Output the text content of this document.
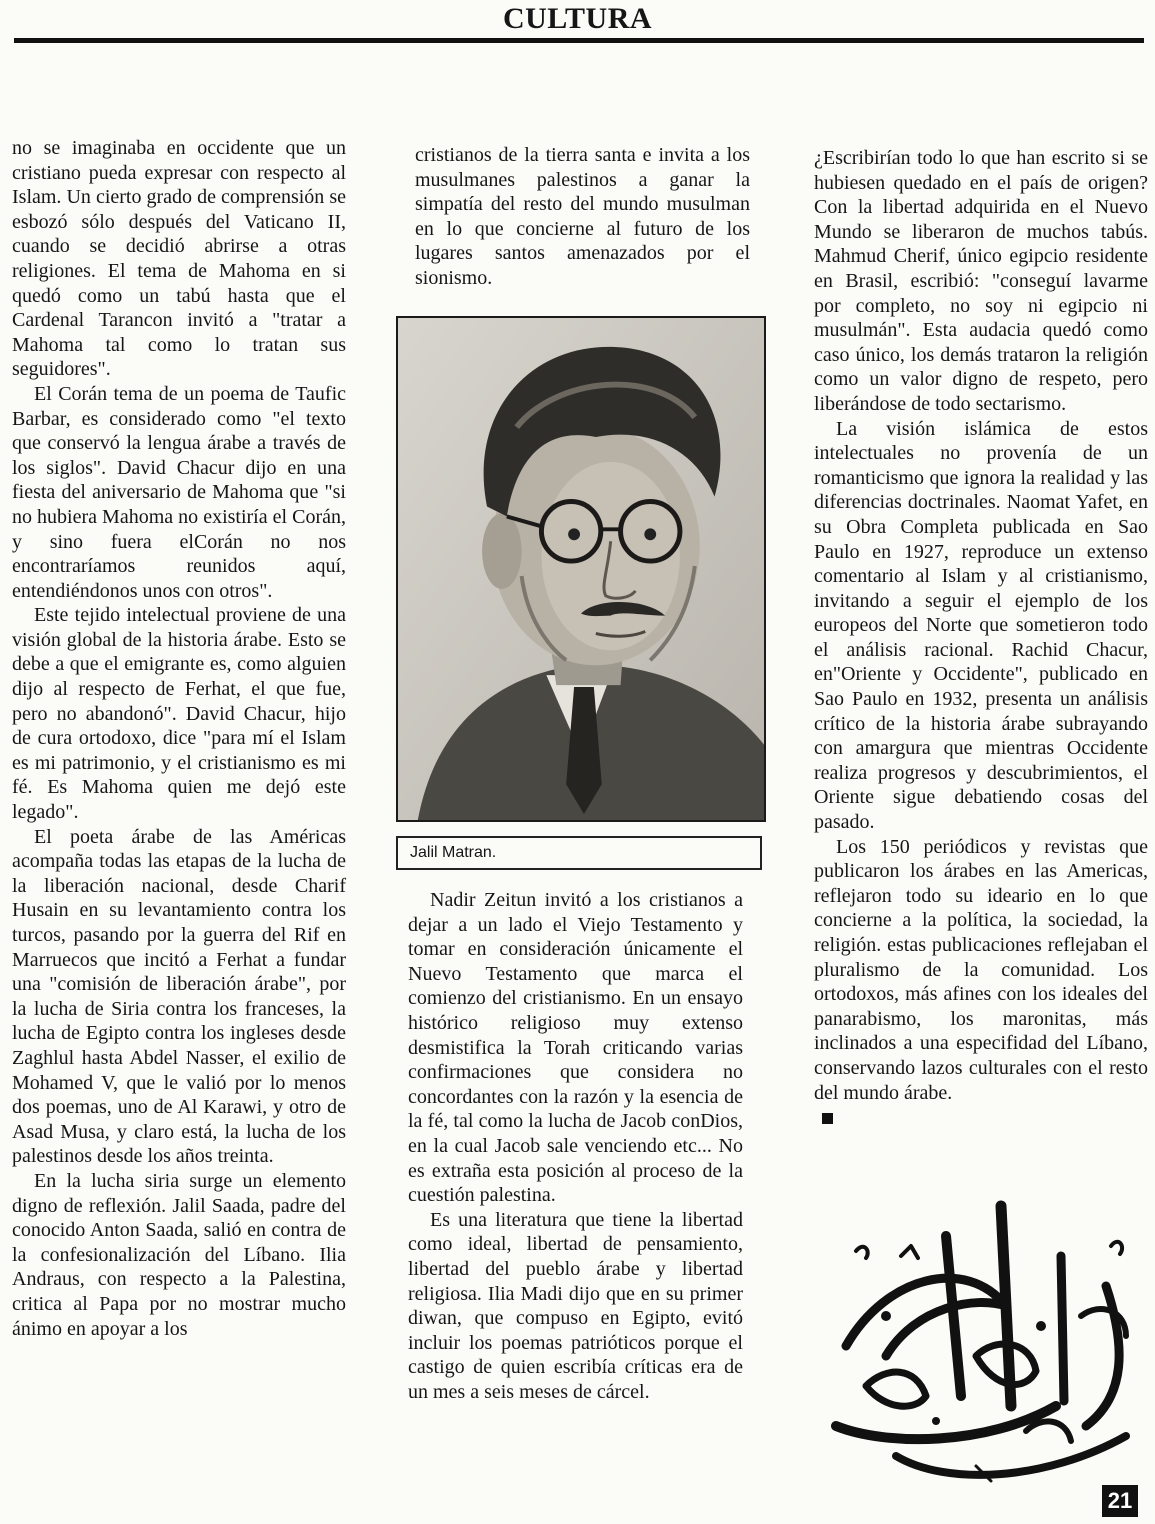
CULTURA

no se imaginaba en occidente que un cristiano pueda expresar con respecto al Islam. Un cierto grado de comprensión se esbozó sólo después del Vaticano II, cuando se decidió abrirse a otras religiones. El tema de Mahoma en si quedó como un tabú hasta que el Cardenal Tarancon invitó a "tratar a Mahoma tal como lo tratan sus seguidores".

El Corán tema de un poema de Taufic Barbar, es considerado como "el texto que conservó la lengua árabe a través de los siglos". David Chacur dijo en una fiesta del aniversario de Mahoma que "si no hubiera Mahoma no existiría el Corán, y sino fuera elCorán no nos encontraríamos reunidos aquí, entendiéndonos unos con otros".

Este tejido intelectual proviene de una visión global de la historia árabe. Esto se debe a que el emigrante es, como alguien dijo al respecto de Ferhat, el que fue, pero no abandonó". David Chacur, hijo de cura ortodoxo, dice "para mí el Islam es mi patrimonio, y el cristianismo es mi fé. Es Mahoma quien me dejó este legado".

El poeta árabe de las Américas acompaña todas las etapas de la lucha de la liberación nacional, desde Charif Husain en su levantamiento contra los turcos, pasando por la guerra del Rif en Marruecos que incitó a Ferhat a fundar una "comisión de liberación árabe", por la lucha de Siria contra los franceses, la lucha de Egipto contra los ingleses desde Zaghlul hasta Abdel Nasser, el exilio de Mohamed V, que le valió por lo menos dos poemas, uno de Al Karawi, y otro de Asad Musa, y claro está, la lucha de los palestinos desde los años treinta.

En la lucha siria surge un elemento digno de reflexión. Jalil Saada, padre del conocido Anton Saada, salió en contra de la confesionalización del Líbano. Ilia Andraus, con respecto a la Palestina, critica al Papa por no mostrar mucho ánimo en apoyar a los

cristianos de la tierra santa e invita a los musulmanes palestinos a ganar la simpatía del resto del mundo musulman en lo que concierne al futuro de los lugares santos amenazados por el sionismo.

Jalil Matran.

Nadir Zeitun invitó a los cristianos a dejar a un lado el Viejo Testamento y tomar en consideración únicamente el Nuevo Testamento que marca el comienzo del cristianismo. En un ensayo histórico religioso muy extenso desmistifica la Torah criticando varias confirmaciones que considera no concordantes con la razón y la esencia de la fé, tal como la lucha de Jacob conDios, en la cual Jacob sale venciendo etc... No es extraña esta posición al proceso de la cuestión palestina.

Es una literatura que tiene la libertad como ideal, libertad de pensamiento, libertad del pueblo árabe y libertad religiosa. Ilia Madi dijo que en su primer diwan, que compuso en Egipto, evitó incluir los poemas patrióticos porque el castigo de quien escribía críticas era de un mes a seis meses de cárcel.

¿Escribirían todo lo que han escrito si se hubiesen quedado en el país de origen? Con la libertad adquirida en el Nuevo Mundo se liberaron de muchos tabús. Mahmud Cherif, único egipcio residente en Brasil, escribió: "conseguí lavarme por completo, no soy ni egipcio ni musulmán". Esta audacia quedó como caso único, los demás trataron la religión como un valor digno de respeto, pero liberándose de todo sectarismo.

La visión islámica de estos intelectuales no provenía de un romanticismo que ignora la realidad y las diferencias doctrinales. Naomat Yafet, en su Obra Completa publicada en Sao Paulo en 1927, reproduce un extenso comentario al Islam y al cristianismo, invitando a seguir el ejemplo de los europeos del Norte que sometieron todo el análisis racional. Rachid Chacur, en"Oriente y Occidente", publicado en Sao Paulo en 1932, presenta un análisis crítico de la historia árabe subrayando con amargura que mientras Occidente realiza progresos y descubrimientos, el Oriente sigue debatiendo cosas del pasado.

Los 150 periódicos y revistas que publicaron los árabes en las Americas, reflejaron todo su ideario en lo que concierne a la política, la sociedad, la religión. estas publicaciones reflejaban el pluralismo de la comunidad. Los ortodoxos, más afines con los ideales del panarabismo, los maronitas, más inclinados a una especifidad del Líbano, conservando lazos culturales con el resto del mundo árabe.

21
